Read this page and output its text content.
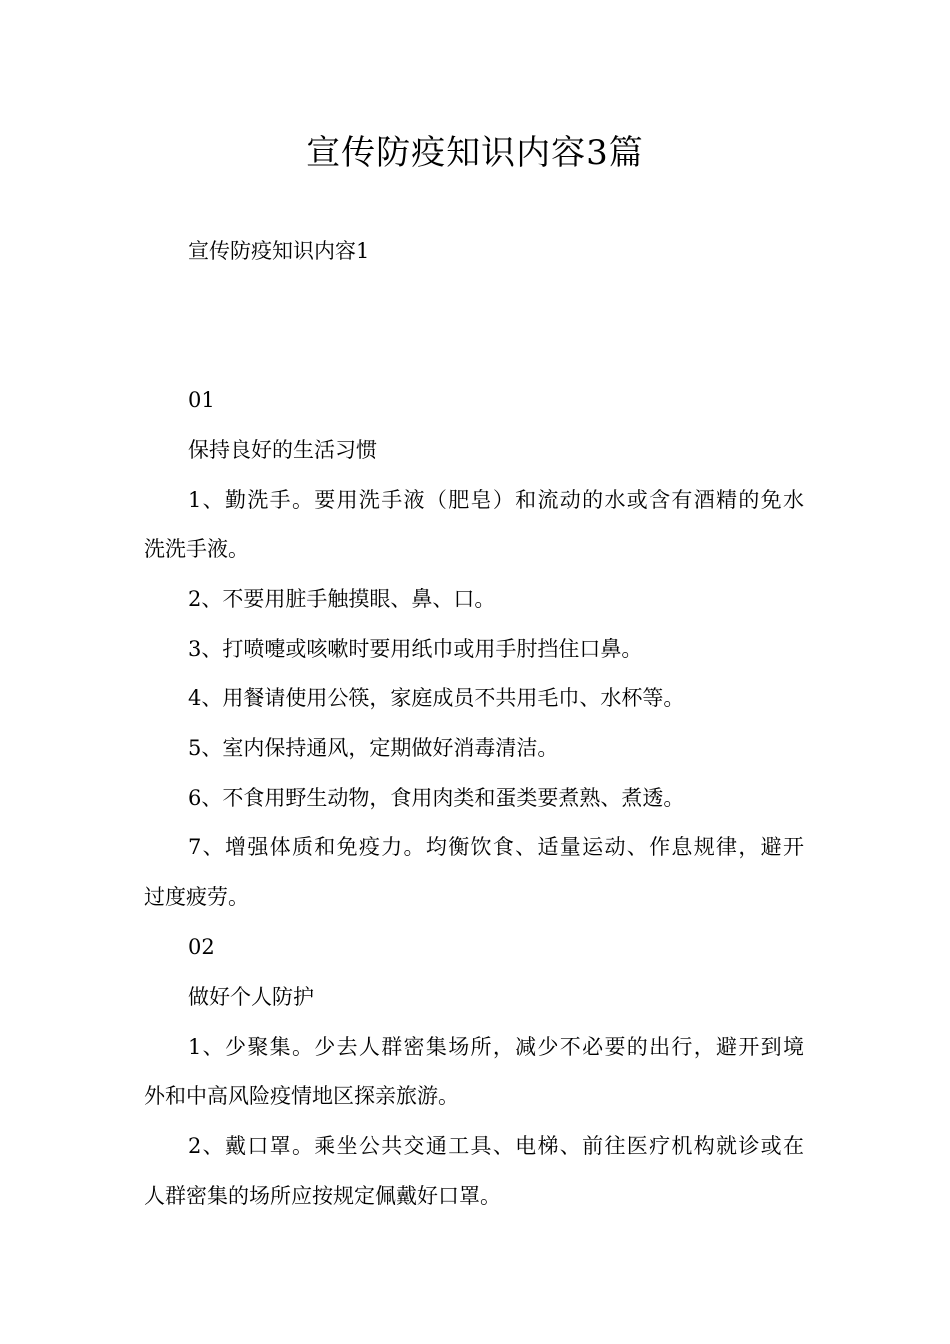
宣传防疫知识内容3篇
宣传防疫知识内容1
01
保持良好的生活习惯
1、勤洗手。要用洗手液（肥皂）和流动的水或含有酒精的免水
洗洗手液。
2、不要用脏手触摸眼、鼻、口。
3、打喷嚏或咳嗽时要用纸巾或用手肘挡住口鼻。
4、用餐请使用公筷，家庭成员不共用毛巾、水杯等。
5、室内保持通风，定期做好消毒清洁。
6、不食用野生动物，食用肉类和蛋类要煮熟、煮透。
7、增强体质和免疫力。均衡饮食、适量运动、作息规律，避开
过度疲劳。
02
做好个人防护
1、少聚集。少去人群密集场所，减少不必要的出行，避开到境
外和中高风险疫情地区探亲旅游。
2、戴口罩。乘坐公共交通工具、电梯、前往医疗机构就诊或在
人群密集的场所应按规定佩戴好口罩。
